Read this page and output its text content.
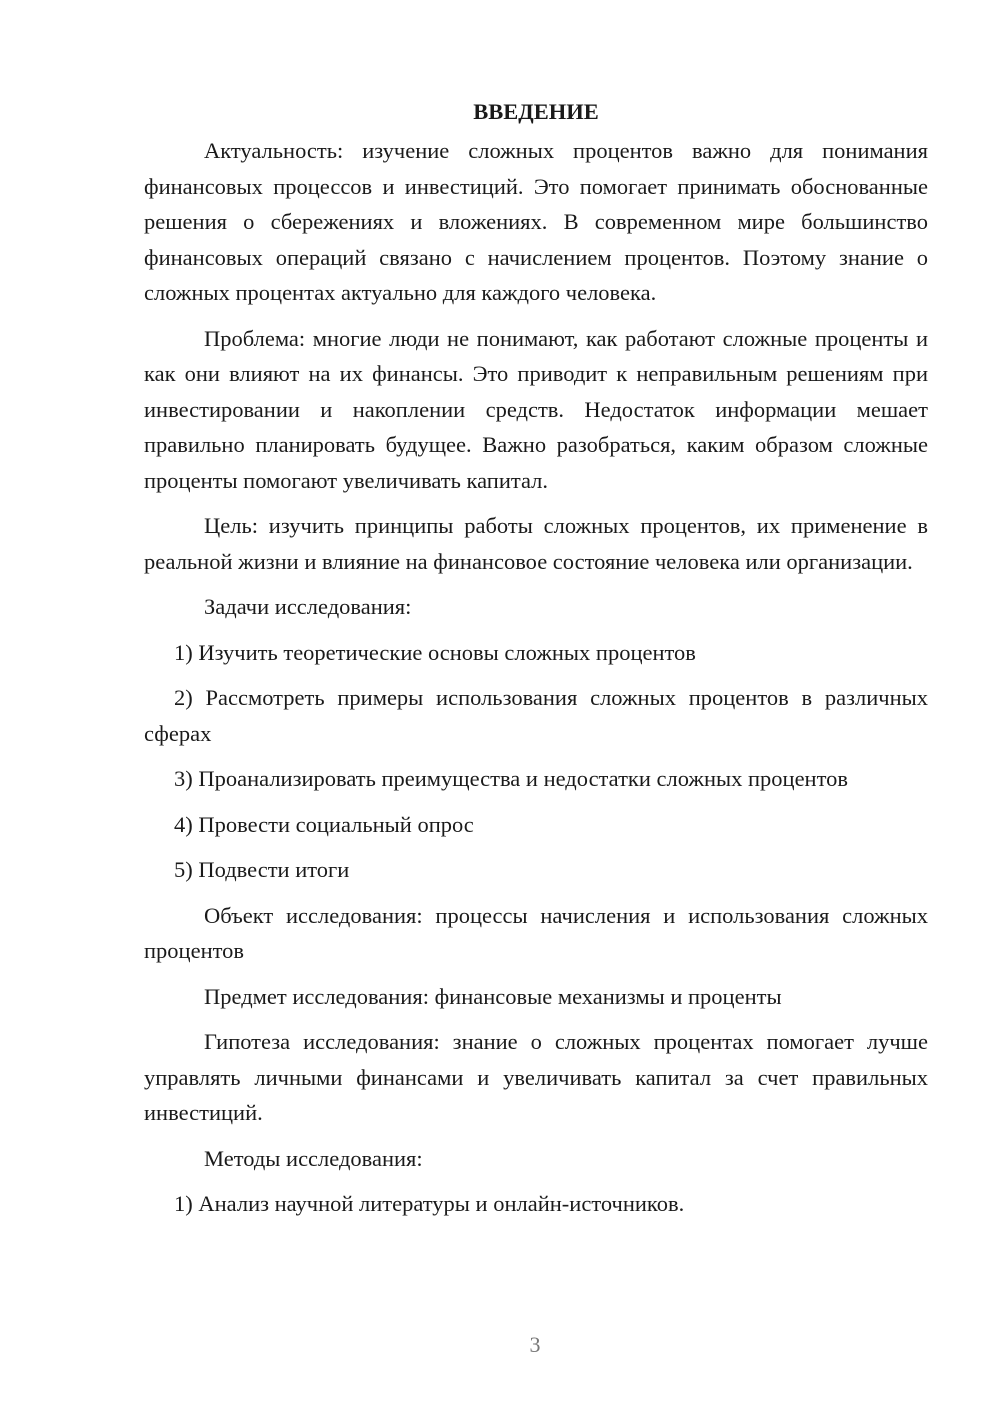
ВВЕДЕНИЕ

Актуальность: изучение сложных процентов важно для понимания финансовых процессов и инвестиций. Это помогает принимать обоснованные решения о сбережениях и вложениях. В современном мире большинство финансовых операций связано с начислением процентов. Поэтому знание о сложных процентах актуально для каждого человека.

Проблема: многие люди не понимают, как работают сложные проценты и как они влияют на их финансы. Это приводит к неправильным решениям при инвестировании и накоплении средств. Недостаток информации мешает правильно планировать будущее. Важно разобраться, каким образом сложные проценты помогают увеличивать капитал.

Цель: изучить принципы работы сложных процентов, их применение в реальной жизни и влияние на финансовое состояние человека или организации.

Задачи исследования:

1) Изучить теоретические основы сложных процентов

2) Рассмотреть примеры использования сложных процентов в различных сферах

3) Проанализировать преимущества и недостатки сложных процентов

4) Провести социальный опрос

5) Подвести итоги

Объект исследования: процессы начисления и использования сложных процентов

Предмет исследования: финансовые механизмы и проценты

Гипотеза исследования: знание о сложных процентах помогает лучше управлять личными финансами и увеличивать капитал за счет правильных инвестиций.

Методы исследования:

1) Анализ научной литературы и онлайн-источников.

3
